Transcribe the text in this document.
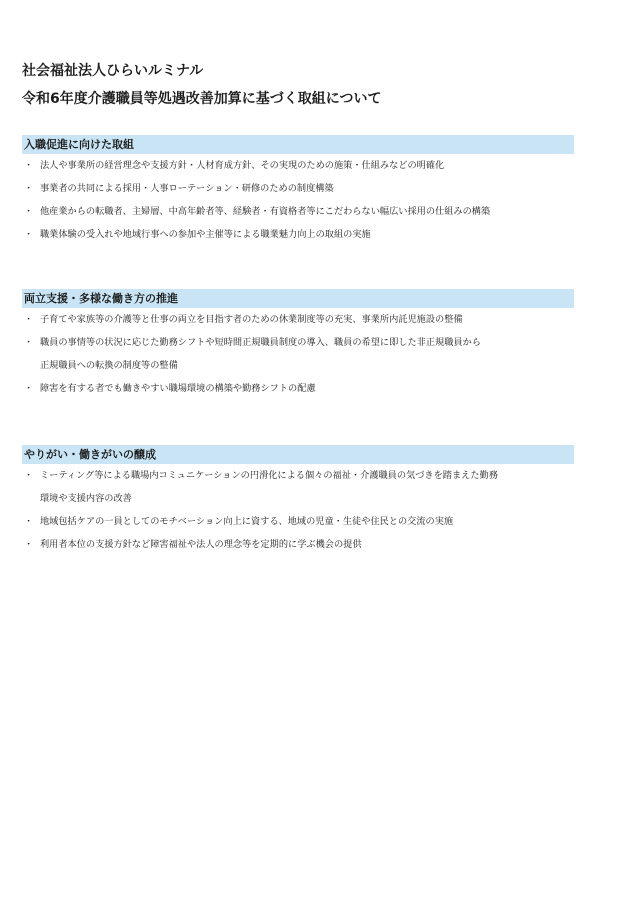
社会福祉法人ひらいルミナル
令和6年度介護職員等処遇改善加算に基づく取組について
入職促進に向けた取組
・ 法人や事業所の経営理念や支援方針・人材育成方針、その実現のための施策・仕組みなどの明確化
・ 事業者の共同による採用・人事ローテーション・研修のための制度構築
・ 他産業からの転職者、主婦層、中高年齢者等、経験者・有資格者等にこだわらない幅広い採用の仕組みの構築
・ 職業体験の受入れや地域行事への参加や主催等による職業魅力向上の取組の実施
両立支援・多様な働き方の推進
・ 子育てや家族等の介護等と仕事の両立を目指す者のための休業制度等の充実、事業所内託児施設の整備
・ 職員の事情等の状況に応じた勤務シフトや短時間正規職員制度の導入、職員の希望に即した非正規職員から
正規職員への転換の制度等の整備
・ 障害を有する者でも働きやすい職場環境の構築や勤務シフトの配慮
やりがい・働きがいの醸成
・ ミーティング等による職場内コミュニケーションの円滑化による個々の福祉・介護職員の気づきを踏まえた勤務
環境や支援内容の改善
・ 地域包括ケアの一員としてのモチベーション向上に資する、地域の児童・生徒や住民との交流の実施
・ 利用者本位の支援方針など障害福祉や法人の理念等を定期的に学ぶ機会の提供
